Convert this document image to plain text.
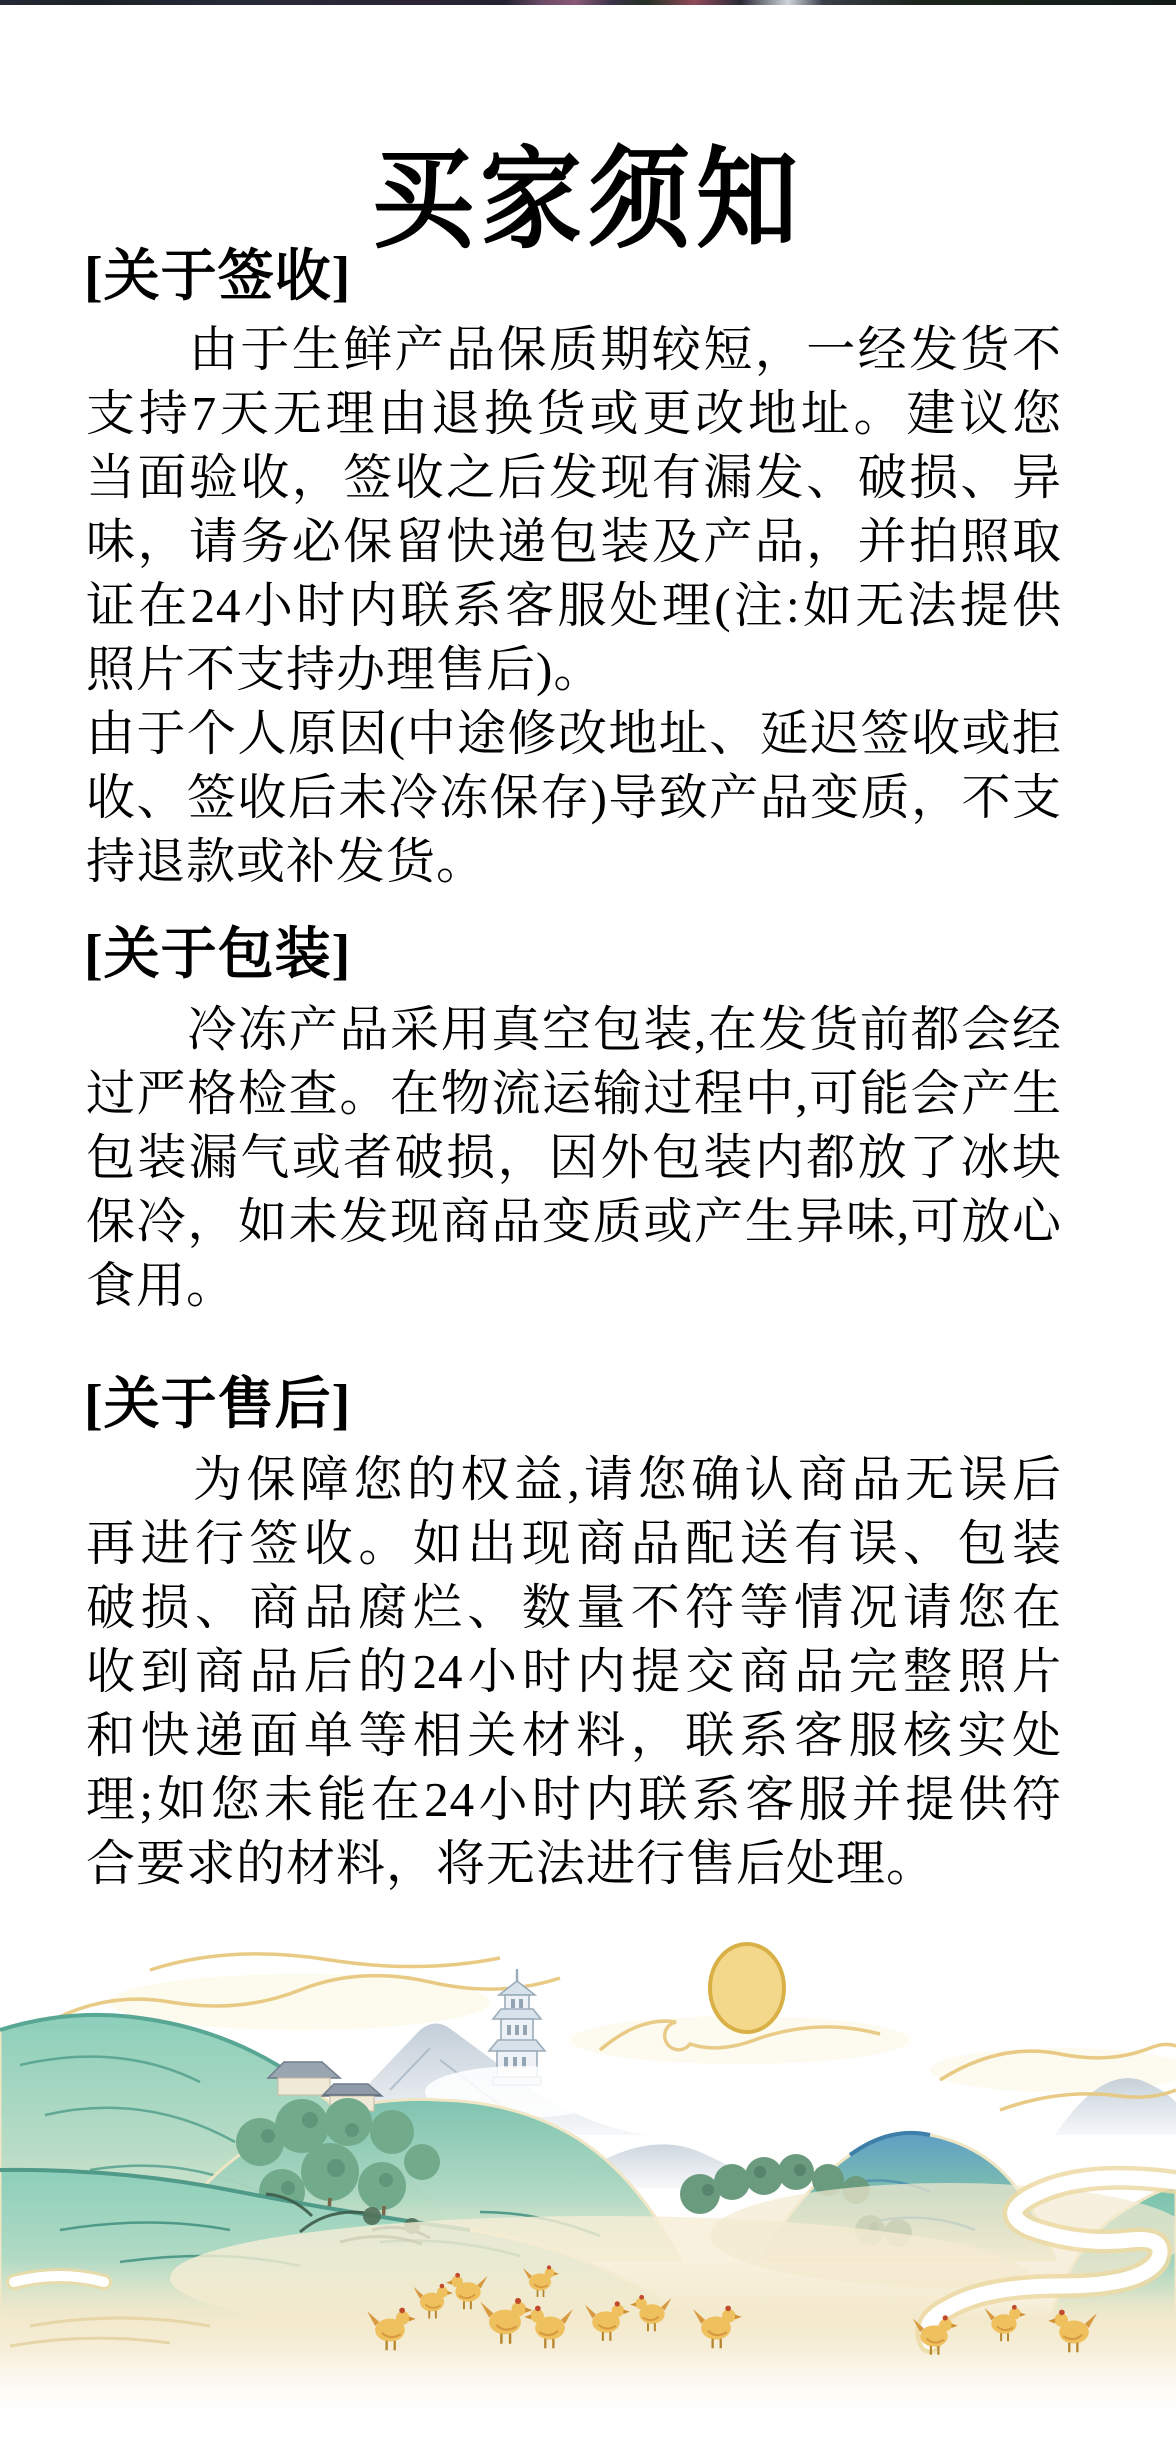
买家须知
[关于签收]
　　由于生鲜产品保质期较短，一经发货不
支持7天无理由退换货或更改地址。建议您
当面验收，签收之后发现有漏发、破损、异
味，请务必保留快递包装及产品，并拍照取
证在24小时内联系客服处理(注:如无法提供
照片不支持办理售后)。
由于个人原因(中途修改地址、延迟签收或拒
收、签收后未冷冻保存)导致产品变质，不支
持退款或补发货。
[关于包装]
　　冷冻产品采用真空包装,在发货前都会经
过严格检查。在物流运输过程中,可能会产生
包装漏气或者破损，因外包装内都放了冰块
保冷，如未发现商品变质或产生异味,可放心
食用。
[关于售后]
　　为保障您的权益,请您确认商品无误后
再进行签收。如出现商品配送有误、包装
破损、商品腐烂、数量不符等情况请您在
收到商品后的24小时内提交商品完整照片
和快递面单等相关材料，联系客服核实处
理;如您未能在24小时内联系客服并提供符
合要求的材料，将无法进行售后处理。
